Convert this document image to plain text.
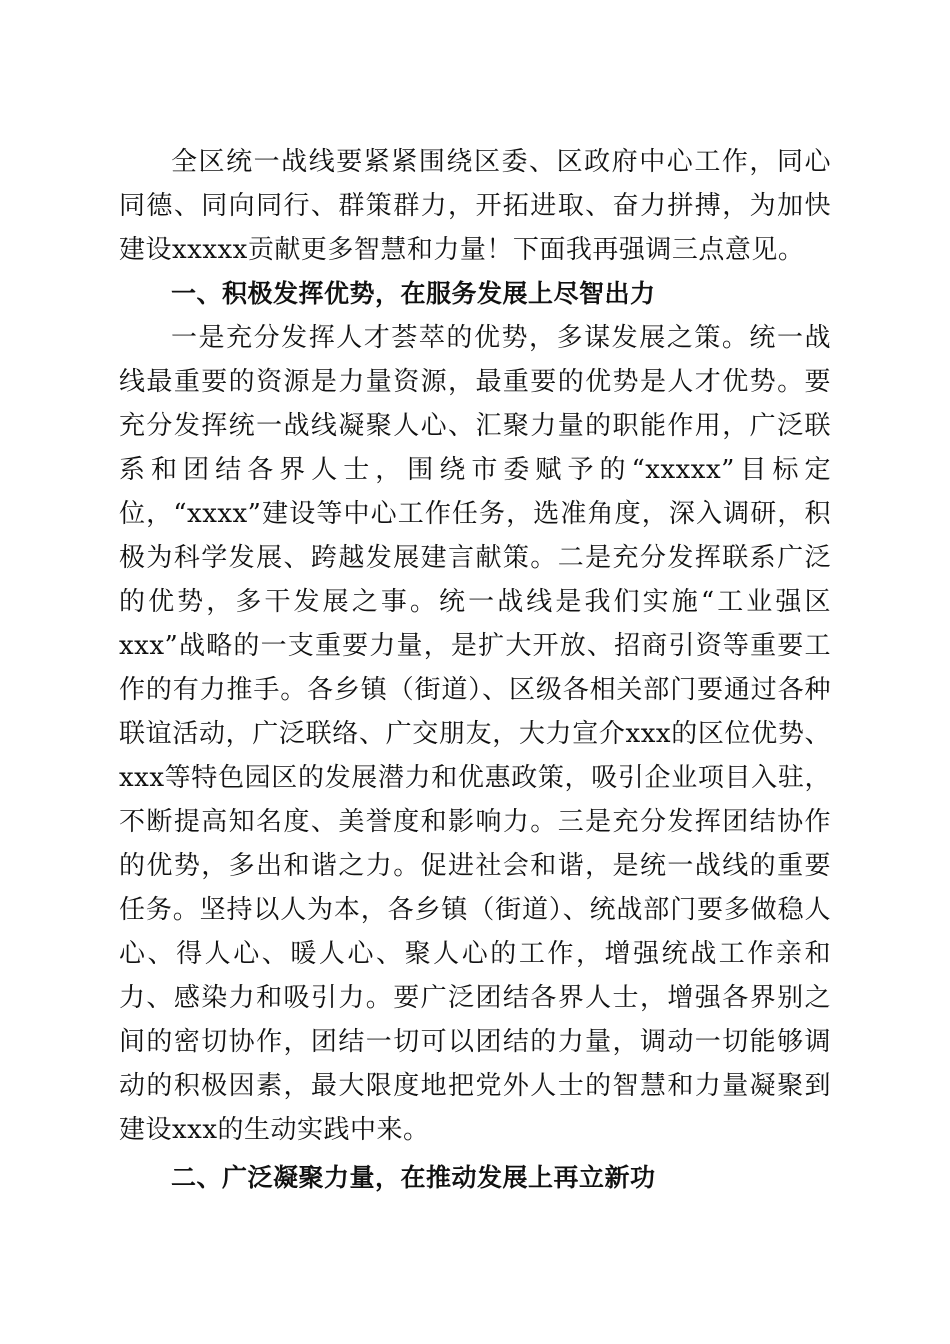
全区统一战线要紧紧围绕区委、区政府中心工作，同心同德、同向同行、群策群力，开拓进取、奋力拼搏，为加快建设xxxxx贡献更多智慧和力量！下面我再强调三点意见。

一、积极发挥优势，在服务发展上尽智出力

一是充分发挥人才荟萃的优势，多谋发展之策。统一战线最重要的资源是力量资源，最重要的优势是人才优势。要充分发挥统一战线凝聚人心、汇聚力量的职能作用，广泛联系和团结各界人士，围绕市委赋予的“xxxxx”目标定位，“xxxx”建设等中心工作任务，选准角度，深入调研，积极为科学发展、跨越发展建言献策。二是充分发挥联系广泛的优势，多干发展之事。统一战线是我们实施“工业强区xxx”战略的一支重要力量，是扩大开放、招商引资等重要工作的有力推手。各乡镇（街道）、区级各相关部门要通过各种联谊活动，广泛联络、广交朋友，大力宣介xxx的区位优势、xxx等特色园区的发展潜力和优惠政策，吸引企业项目入驻，不断提高知名度、美誉度和影响力。三是充分发挥团结协作的优势，多出和谐之力。促进社会和谐，是统一战线的重要任务。坚持以人为本，各乡镇（街道）、统战部门要多做稳人心、得人心、暖人心、聚人心的工作，增强统战工作亲和力、感染力和吸引力。要广泛团结各界人士，增强各界别之间的密切协作，团结一切可以团结的力量，调动一切能够调动的积极因素，最大限度地把党外人士的智慧和力量凝聚到建设xxx的生动实践中来。

二、广泛凝聚力量，在推动发展上再立新功
